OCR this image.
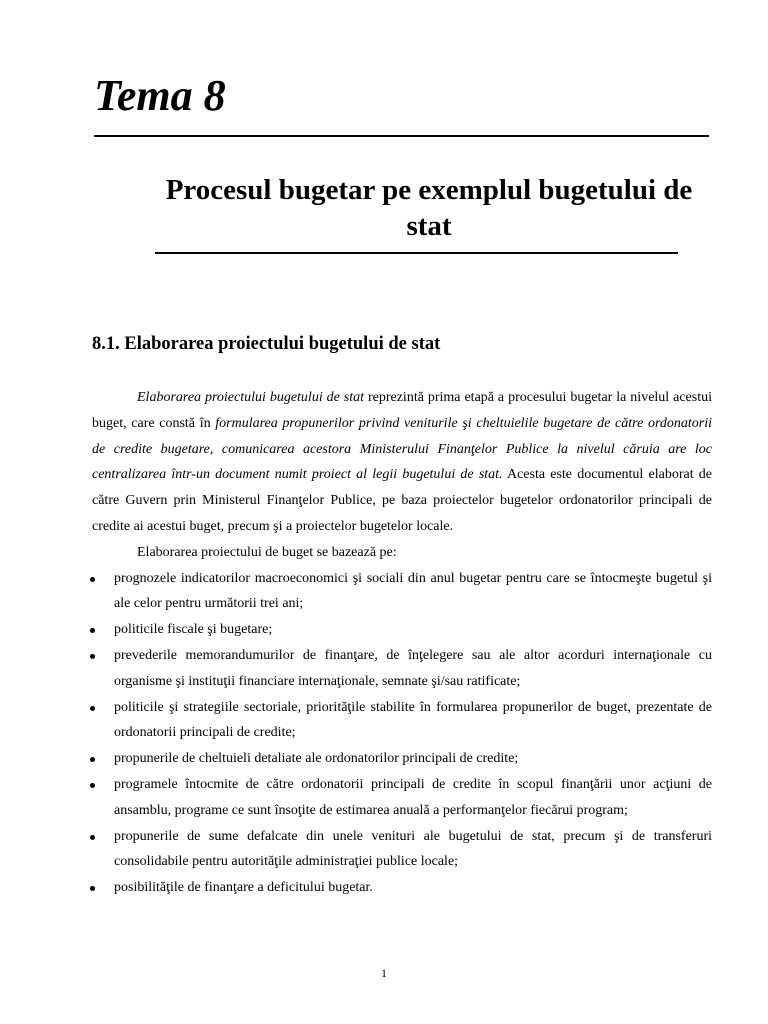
Tema 8
Procesul bugetar pe exemplul bugetului de stat
8.1. Elaborarea proiectului bugetului de stat

Elaborarea proiectului bugetului de stat reprezintă prima etapă a procesului bugetar la nivelul acestui buget, care constă în formularea propunerilor privind veniturile şi cheltuielile bugetare de către ordonatorii de credite bugetare, comunicarea acestora Ministerului Finanţelor Publice la nivelul căruia are loc centralizarea într-un document numit proiect al legii bugetului de stat. Acesta este documentul elaborat de către Guvern prin Ministerul Finanţelor Publice, pe baza proiectelor bugetelor ordonatorilor principali de credite ai acestui buget, precum şi a proiectelor bugetelor locale.

Elaborarea proiectului de buget se bazează pe:

prognozele indicatorilor macroeconomici şi sociali din anul bugetar pentru care se întocmeşte bugetul şi ale celor pentru următorii trei ani;
politicile fiscale şi bugetare;
prevederile memorandumurilor de finanţare, de înţelegere sau ale altor acorduri internaţionale cu organisme şi instituţii financiare internaţionale, semnate şi/sau ratificate;
politicile şi strategiile sectoriale, priorităţile stabilite în formularea propunerilor de buget, prezentate de ordonatorii principali de credite;
propunerile de cheltuieli detaliate ale ordonatorilor principali de credite;
programele întocmite de către ordonatorii principali de credite în scopul finanţării unor acţiuni de ansamblu, programe ce sunt însoţite de estimarea anuală a performanţelor fiecărui program;
propunerile de sume defalcate din unele venituri ale bugetului de stat, precum şi de transferuri consolidabile pentru autorităţile administraţiei publice locale;
posibilităţile de finanţare a deficitului bugetar.
1
